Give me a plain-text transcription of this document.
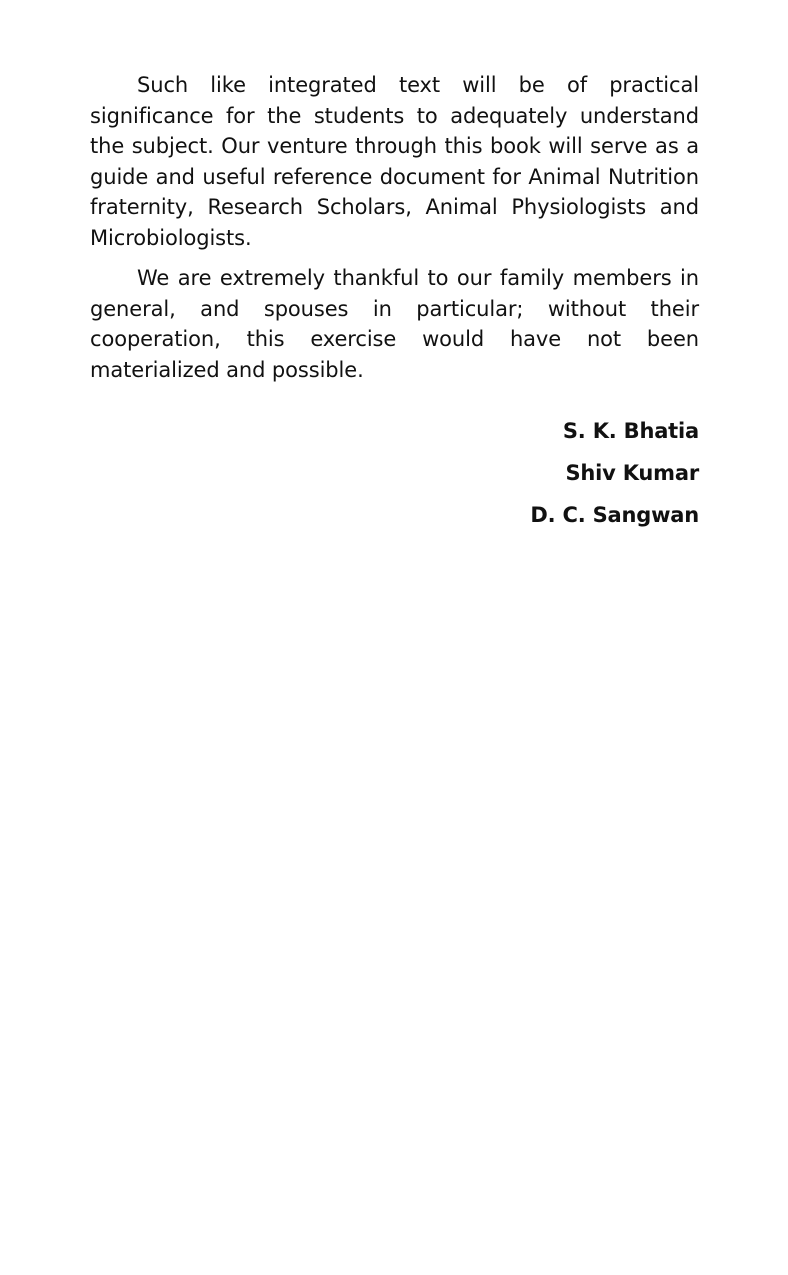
Such like integrated text will be of practical significance for the students to adequately understand the subject. Our venture through this book will serve as a guide and useful reference document for Animal Nutrition fraternity, Research Scholars, Animal Physiologists and Microbiologists.

We are extremely thankful to our family members in general, and spouses in particular; without their cooperation, this exercise would have not been materialized and possible.

S. K. Bhatia
Shiv Kumar
D. C. Sangwan
